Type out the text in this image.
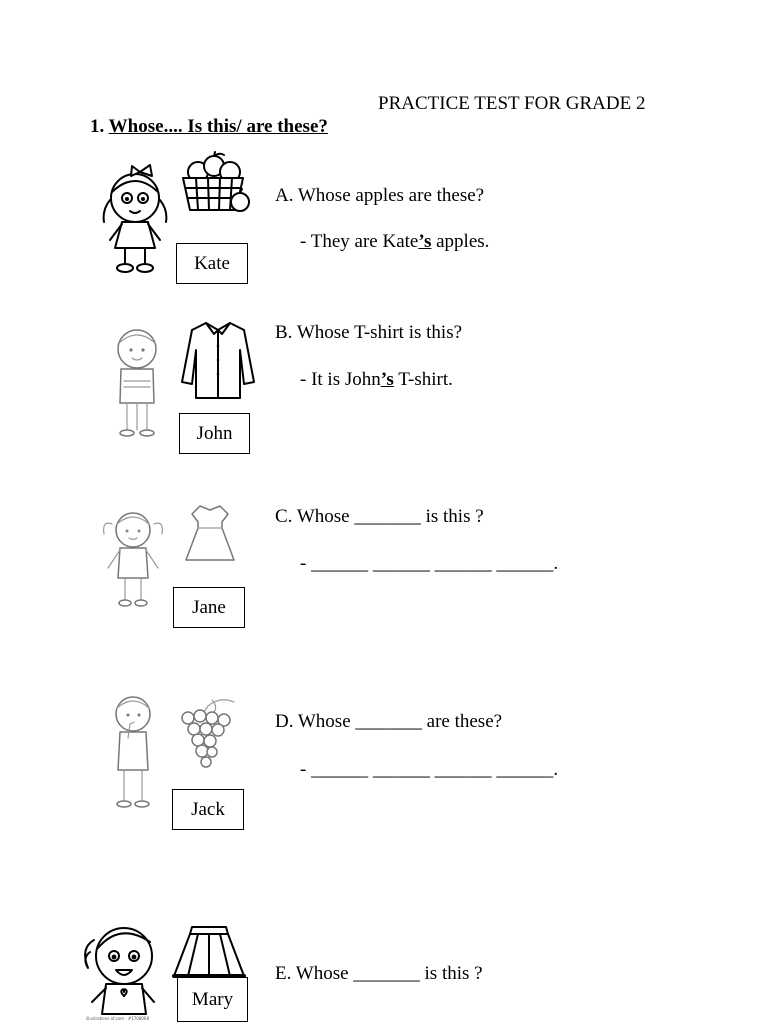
PRACTICE TEST FOR GRADE 2
1. Whose.... Is this/ are these?
Kate
A. Whose apples are these?
- They are Kate’s apples.
John
B. Whose T-shirt is this?
- It is John’s T-shirt.
Jane
C. Whose _______ is this ?
- ______ ______ ______ ______.
Jack
D. Whose _______ are these?
- ______ ______ ______ ______.
illustrations of.com · #1708068
Mary
E. Whose _______ is this ?
